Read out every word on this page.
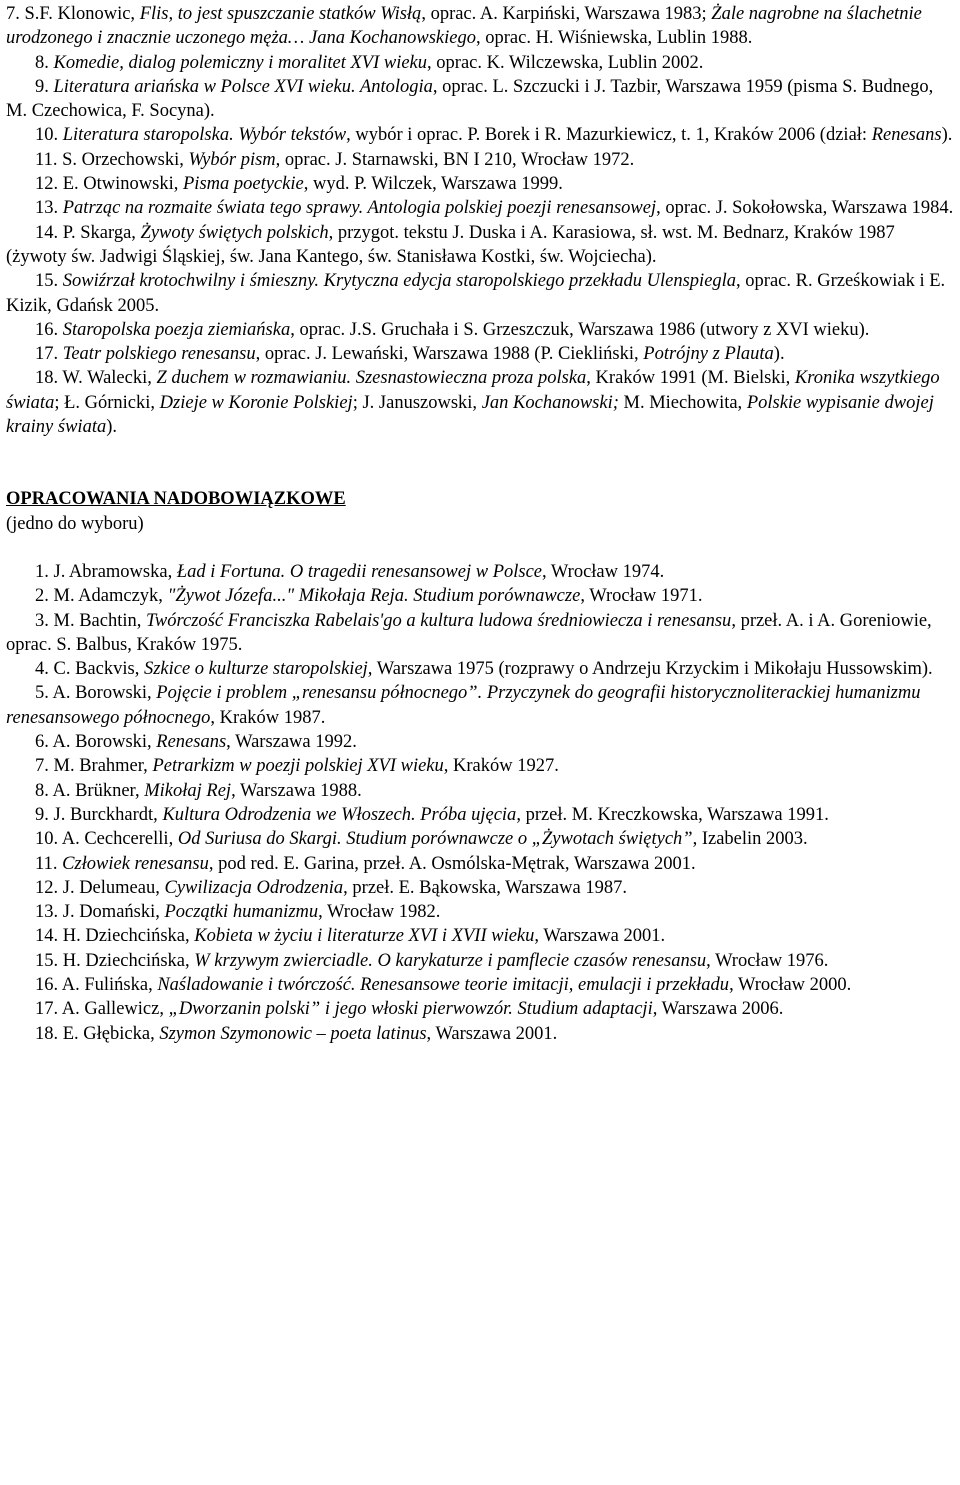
7. S.F. Klonowic, Flis, to jest spuszczanie statków Wisłą, oprac. A. Karpiński, Warszawa 1983; Żale nagrobne na ślachetnie urodzonego i znacznie uczonego męża… Jana Kochanowskiego, oprac. H. Wiśniewska, Lublin 1988.

8. Komedie, dialog polemiczny i moralitet XVI wieku, oprac. K. Wilczewska, Lublin 2002.

9. Literatura ariańska w Polsce XVI wieku. Antologia, oprac. L. Szczucki i J. Tazbir, Warszawa 1959 (pisma S. Budnego, M. Czechowica, F. Socyna).

10. Literatura staropolska. Wybór tekstów, wybór i oprac. P. Borek i R. Mazurkiewicz, t. 1, Kraków 2006 (dział: Renesans).

11. S. Orzechowski, Wybór pism, oprac. J. Starnawski, BN I 210, Wrocław 1972.

12. E. Otwinowski, Pisma poetyckie, wyd. P. Wilczek, Warszawa 1999.

13. Patrząc na rozmaite świata tego sprawy. Antologia polskiej poezji renesansowej, oprac. J. Sokołowska, Warszawa 1984.

14. P. Skarga, Żywoty świętych polskich, przygot. tekstu J. Duska i A. Karasiowa, sł. wst. M. Bednarz, Kraków 1987 (żywoty św. Jadwigi Śląskiej, św. Jana Kantego, św. Stanisława Kostki, św. Wojciecha).

15. Sowiźrzał krotochwilny i śmieszny. Krytyczna edycja staropolskiego przekładu Ulenspiegla, oprac. R. Grześkowiak i E. Kizik, Gdańsk 2005.

16. Staropolska poezja ziemiańska, oprac. J.S. Gruchała i S. Grzeszczuk, Warszawa 1986 (utwory z XVI wieku).

17. Teatr polskiego renesansu, oprac. J. Lewański, Warszawa 1988 (P. Ciekliński, Potrójny z Plauta).

18. W. Walecki, Z duchem w rozmawianiu. Szesnastowieczna proza polska, Kraków 1991 (M. Bielski, Kronika wszytkiego świata; Ł. Górnicki, Dzieje w Koronie Polskiej; J. Januszowski, Jan Kochanowski; M. Miechowita, Polskie wypisanie dwojej krainy świata).

OPRACOWANIA NADOBOWIĄZKOWE

(jedno do wyboru)

1. J. Abramowska, Ład i Fortuna. O tragedii renesansowej w Polsce, Wrocław 1974.

2. M. Adamczyk, "Żywot Józefa..." Mikołaja Reja. Studium porównawcze, Wrocław 1971.

3. M. Bachtin, Twórczość Franciszka Rabelais'go a kultura ludowa średniowiecza i renesansu, przeł. A. i A. Goreniowie, oprac. S. Balbus, Kraków 1975.

4. C. Backvis, Szkice o kulturze staropolskiej, Warszawa 1975 (rozprawy o Andrzeju Krzyckim i Mikołaju Hussowskim).

5. A. Borowski, Pojęcie i problem „renesansu północnego”. Przyczynek do geografii historycznoliterackiej humanizmu renesansowego północnego, Kraków 1987.

6. A. Borowski, Renesans, Warszawa 1992.

7. M. Brahmer, Petrarkizm w poezji polskiej XVI wieku, Kraków 1927.

8. A. Brükner, Mikołaj Rej, Warszawa 1988.

9. J. Burckhardt, Kultura Odrodzenia we Włoszech. Próba ujęcia, przeł. M. Kreczkowska, Warszawa 1991.

10. A. Cechcerelli, Od Suriusa do Skargi. Studium porównawcze o „Żywotach świętych”, Izabelin 2003.

11. Człowiek renesansu, pod red. E. Garina, przeł. A. Osmólska-Mętrak, Warszawa 2001.

12. J. Delumeau, Cywilizacja Odrodzenia, przeł. E. Bąkowska, Warszawa 1987.

13. J. Domański, Początki humanizmu, Wrocław 1982.

14. H. Dziechcińska, Kobieta w życiu i literaturze XVI i XVII wieku, Warszawa 2001.

15. H. Dziechcińska, W krzywym zwierciadle. O karykaturze i pamflecie czasów renesansu, Wrocław 1976.

16. A. Fulińska, Naśladowanie i twórczość. Renesansowe teorie imitacji, emulacji i przekładu, Wrocław 2000.

17. A. Gallewicz, „Dworzanin polski” i jego włoski pierwowzór. Studium adaptacji, Warszawa 2006.

18. E. Głębicka, Szymon Szymonowic – poeta latinus, Warszawa 2001.
